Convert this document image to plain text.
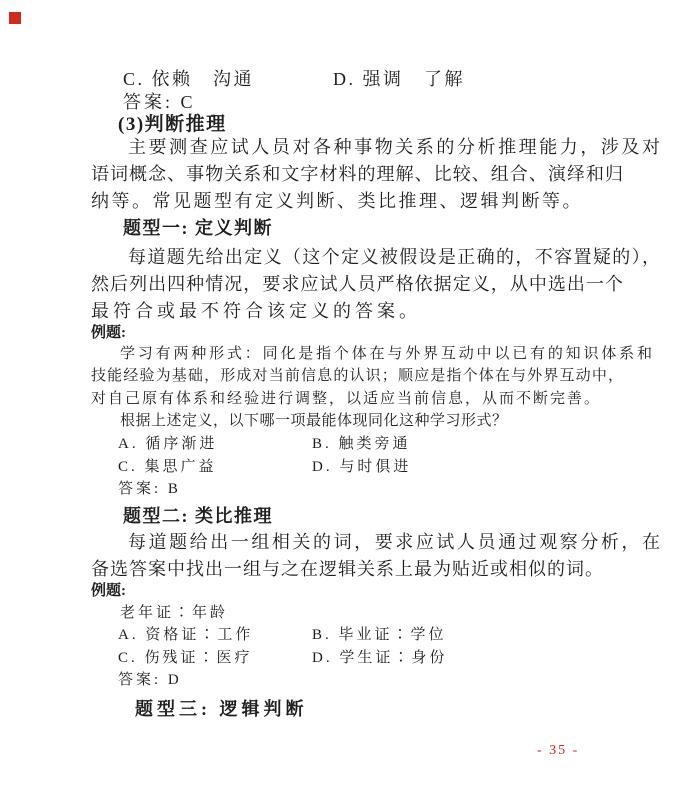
C. 依赖　沟通	D. 强调　了解
答案: C
(3)判断推理
主要测查应试人员对各种事物关系的分析推理能力，涉及对
语词概念、事物关系和文字材料的理解、比较、组合、演绎和归
纳等。常见题型有定义判断、类比推理、逻辑判断等。
题型一: 定义判断
每道题先给出定义（这个定义被假设是正确的，不容置疑的），
然后列出四种情况，要求应试人员严格依据定义，从中选出一个
最符合或最不符合该定义的答案。
例题:
学习有两种形式：同化是指个体在与外界互动中以已有的知识体系和
技能经验为基础，形成对当前信息的认识；顺应是指个体在与外界互动中，
对自己原有体系和经验进行调整，以适应当前信息，从而不断完善。
根据上述定义，以下哪一项最能体现同化这种学习形式？
A. 循序渐进	B. 触类旁通
C. 集思广益	D. 与时俱进
答案: B
题型二: 类比推理
每道题给出一组相关的词，要求应试人员通过观察分析，在
备选答案中找出一组与之在逻辑关系上最为贴近或相似的词。
例题:
老年证∶年龄
A. 资格证∶工作	B. 毕业证∶学位
C. 伤残证∶医疗	D. 学生证∶身份
答案: D
题型三: 逻辑判断
- 35 -
